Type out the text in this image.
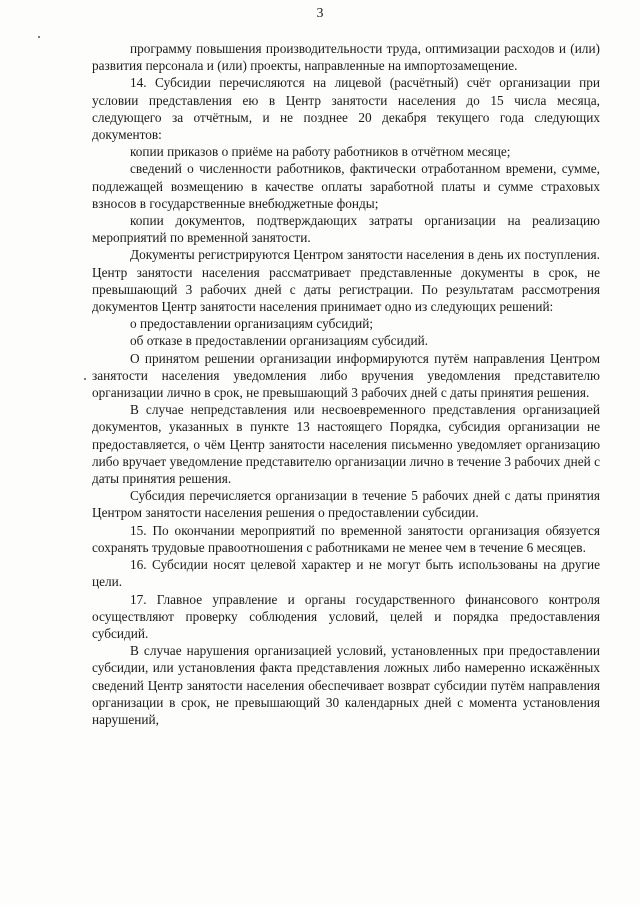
3

программу повышения производительности труда, оптимизации расходов и (или) развития персонала и (или) проекты, направленные на импортозамещение.

14. Субсидии перечисляются на лицевой (расчётный) счёт организации при условии представления ею в Центр занятости населения до 15 числа месяца, следующего за отчётным, и не позднее 20 декабря текущего года следующих документов:

копии приказов о приёме на работу работников в отчётном месяце;

сведений о численности работников, фактически отработанном времени, сумме, подлежащей возмещению в качестве оплаты заработной платы и сумме страховых взносов в государственные внебюджетные фонды;

копии документов, подтверждающих затраты организации на реализацию мероприятий по временной занятости.

Документы регистрируются Центром занятости населения в день их поступления. Центр занятости населения рассматривает представленные документы в срок, не превышающий 3 рабочих дней с даты регистрации. По результатам рассмотрения документов Центр занятости населения принимает одно из следующих решений:

о предоставлении организациям субсидий;

об отказе в предоставлении организациям субсидий.

О принятом решении организации информируются путём направления Центром занятости населения уведомления либо вручения уведомления представителю организации лично в срок, не превышающий 3 рабочих дней с даты принятия решения.

В случае непредставления или несвоевременного представления организацией документов, указанных в пункте 13 настоящего Порядка, субсидия организации не предоставляется, о чём Центр занятости населения письменно уведомляет организацию либо вручает уведомление представителю организации лично в течение 3 рабочих дней с даты принятия решения.

Субсидия перечисляется организации в течение 5 рабочих дней с даты принятия Центром занятости населения решения о предоставлении субсидии.

15. По окончании мероприятий по временной занятости организация обязуется сохранять трудовые правоотношения с работниками не менее чем в течение 6 месяцев.

16. Субсидии носят целевой характер и не могут быть использованы на другие цели.

17. Главное управление и органы государственного финансового контроля осуществляют проверку соблюдения условий, целей и порядка предоставления субсидий.

В случае нарушения организацией условий, установленных при предоставлении субсидии, или установления факта представления ложных либо намеренно искажённых сведений Центр занятости населения обеспечивает возврат субсидии путём направления организации в срок, не превышающий 30 календарных дней с момента установления нарушений,
